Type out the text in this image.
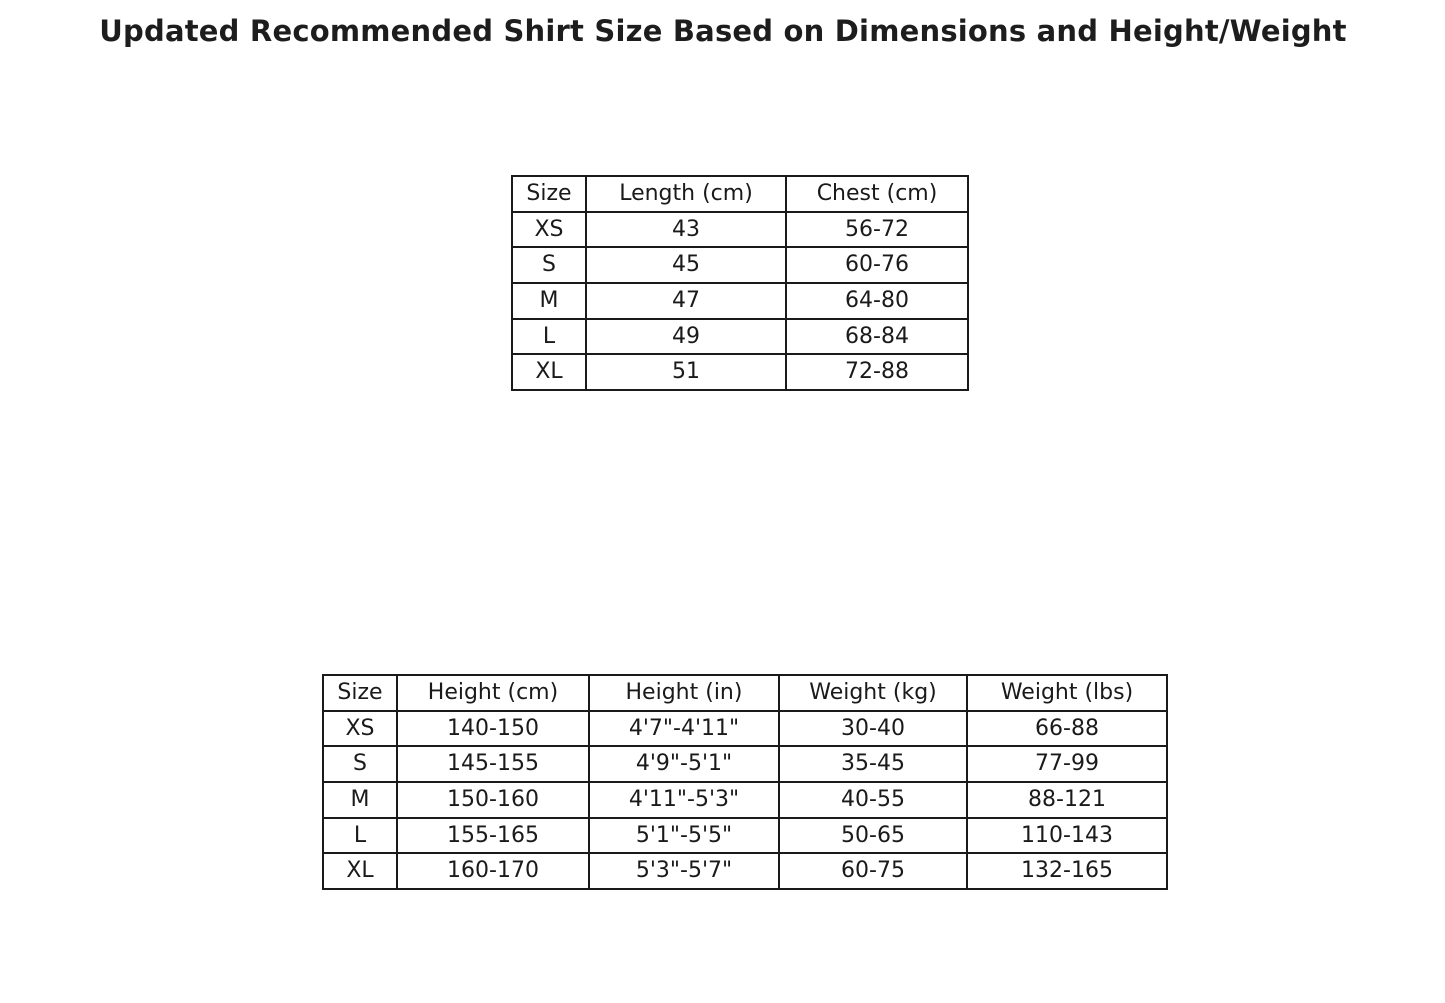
Updated Recommended Shirt Size Based on Dimensions and Height/Weight
Size	Length (cm)	Chest (cm)
XS	43	56-72
S	45	60-76
M	47	64-80
L	49	68-84
XL	51	72-88
Size	Height (cm)	Height (in)	Weight (kg)	Weight (lbs)
XS	140-150	4'7"-4'11"	30-40	66-88
S	145-155	4'9"-5'1"	35-45	77-99
M	150-160	4'11"-5'3"	40-55	88-121
L	155-165	5'1"-5'5"	50-65	110-143
XL	160-170	5'3"-5'7"	60-75	132-165
